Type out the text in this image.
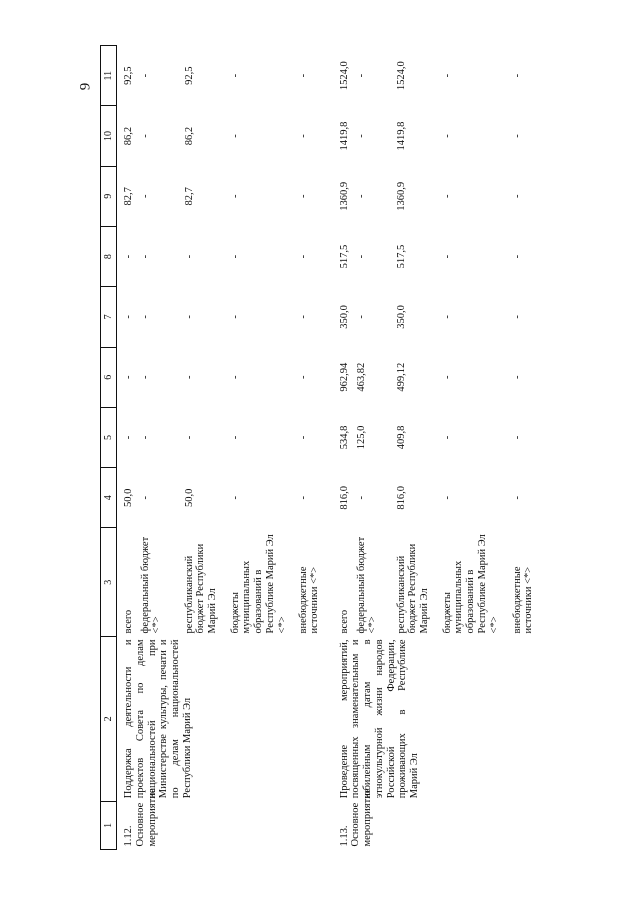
9
1	2	3	4	5	6	7	8	9	10	11
1.12. Основное мероприятие	Поддержка деятельности и проектов Совета по делам национальностей при Министерстве культуры, печати и по делам национальностей Республики Марий Эл	всего	50,0	-	-	-	-	82,7	86,2	92,5
		федеральный бюджет <*>	-	-	-	-	-	-	-	-
		республиканский бюджет Республики Марий Эл	50,0	-	-	-	-	82,7	86,2	92,5
		бюджеты муниципальных образований в Республике Марий Эл <*>	-	-	-	-	-	-	-	-
		внебюджетные источники <*>	-	-	-	-	-	-	-	-
1.13. Основное мероприятие	Проведение мероприятий, посвященных знаменательным и юбилейным датам в этнокультурной жизни народов Российской Федерации, проживающих в Республике Марий Эл	всего	816,0	534,8	962,94	350,0	517,5	1360,9	1419,8	1524,0
		федеральный бюджет <*>	-	125,0	463,82	-	-	-	-	-
		республиканский бюджет Республики Марий Эл	816,0	409,8	499,12	350,0	517,5	1360,9	1419,8	1524,0
		бюджеты муниципальных образований в Республике Марий Эл <*>	-	-	-	-	-	-	-	-
		внебюджетные источники <*>	-	-	-	-	-	-	-	-
